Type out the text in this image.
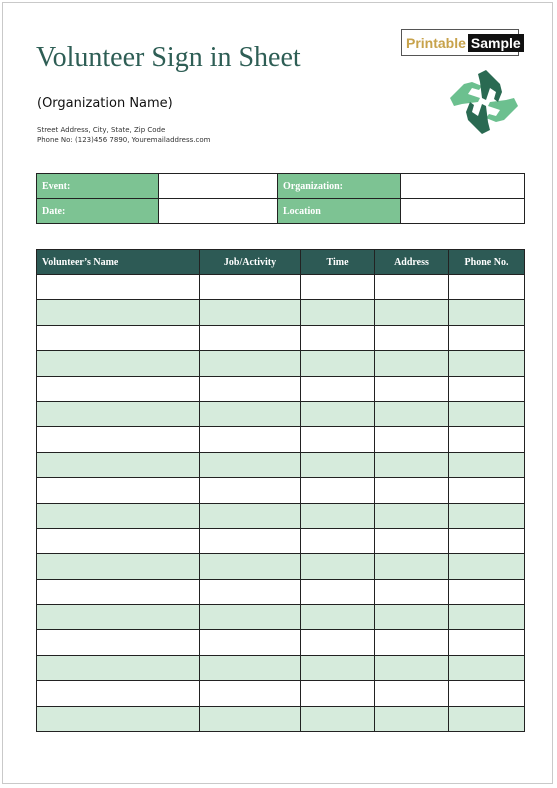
Volunteer Sign in Sheet
(Organization Name)
Street Address, City, State, Zip Code
Phone No: (123)456 7890, Youremailaddress.com
Printable Sample
Event:		Organization:	
Date:		Location	
Volunteer’s Name	Job/Activity	Time	Address	Phone No.
